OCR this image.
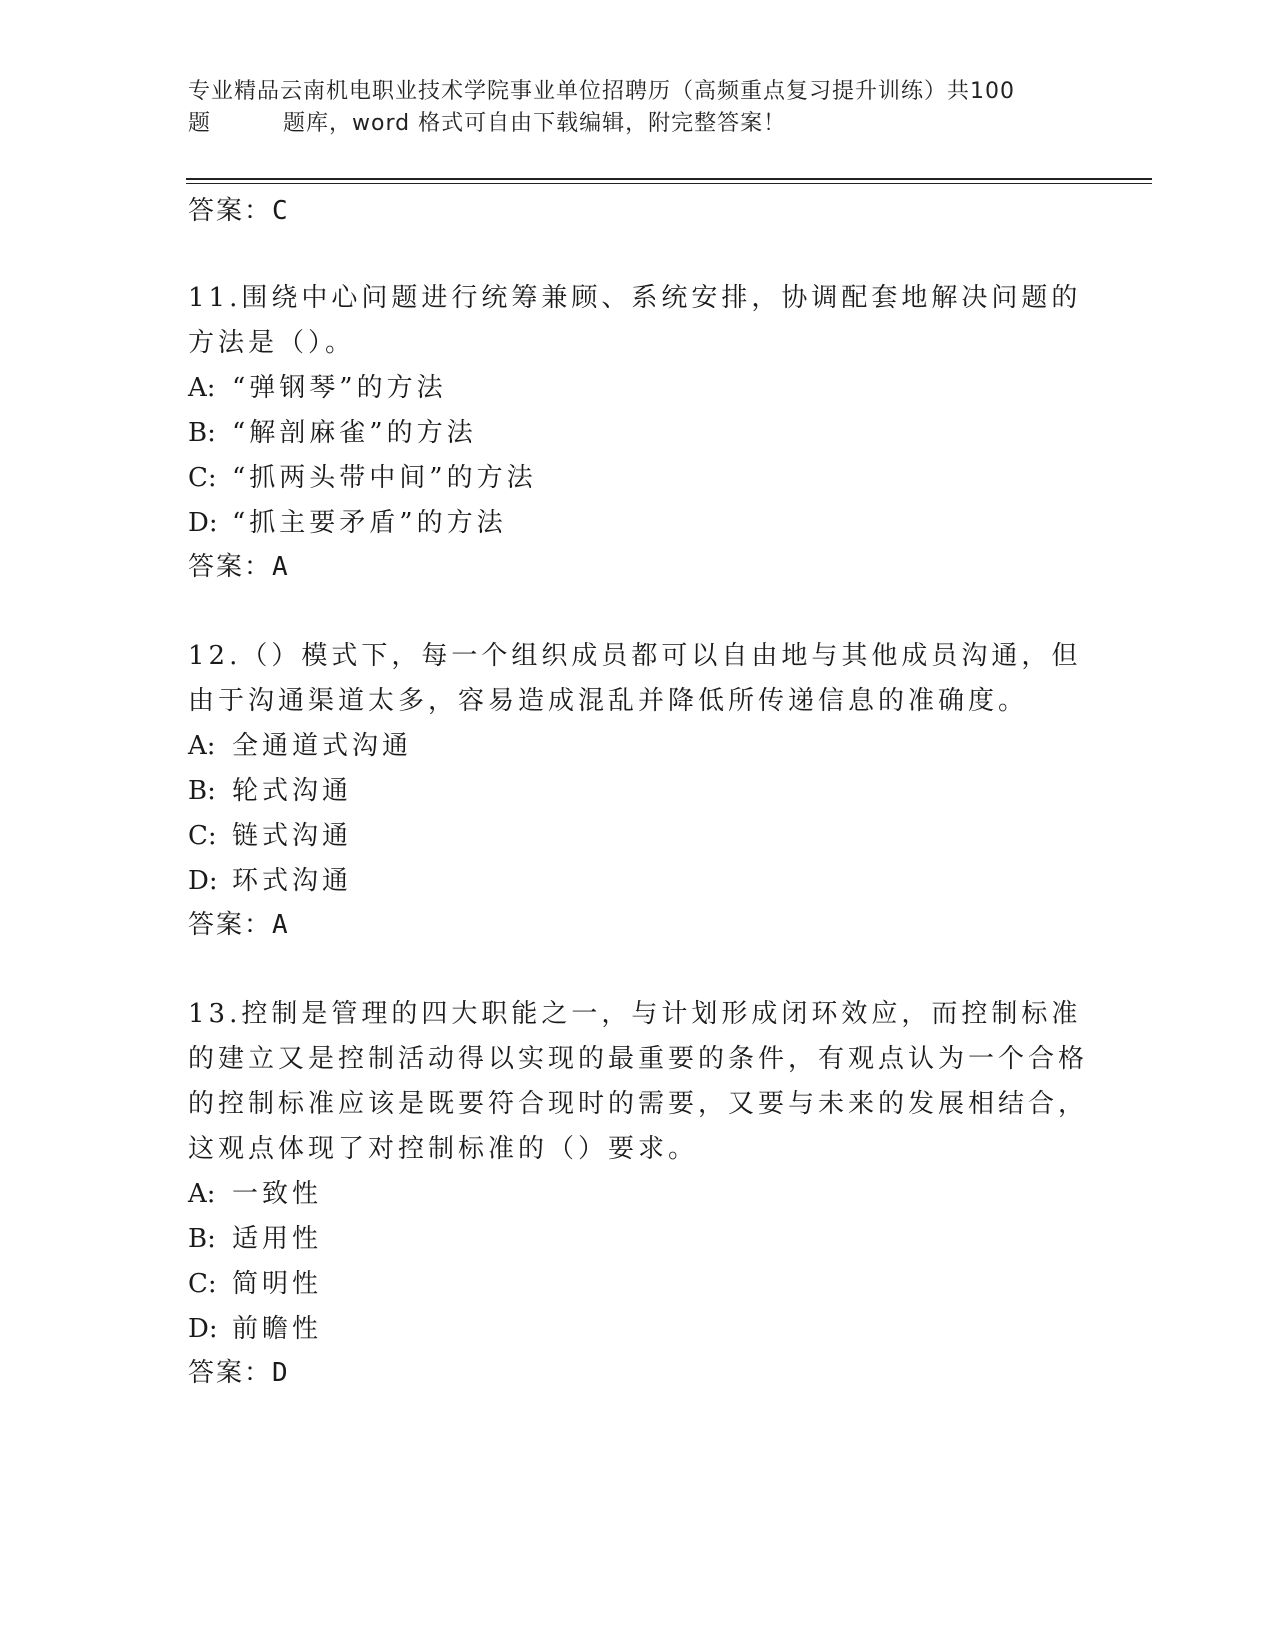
专业精品云南机电职业技术学院事业单位招聘历（高频重点复习提升训练）共100
题	题库，word 格式可自由下载编辑，附完整答案！

答案：C

11.围绕中心问题进行统筹兼顾、系统安排，协调配套地解决问题的方法是（）。

A: “弹钢琴”的方法

B: “解剖麻雀”的方法

C: “抓两头带中间”的方法

D: “抓主要矛盾”的方法

答案：A

12.（）模式下，每一个组织成员都可以自由地与其他成员沟通，但由于沟通渠道太多，容易造成混乱并降低所传递信息的准确度。

A: 全通道式沟通

B: 轮式沟通

C: 链式沟通

D: 环式沟通

答案：A

13.控制是管理的四大职能之一，与计划形成闭环效应，而控制标准的建立又是控制活动得以实现的最重要的条件，有观点认为一个合格的控制标准应该是既要符合现时的需要，又要与未来的发展相结合，这观点体现了对控制标准的（）要求。

A: 一致性

B: 适用性

C: 简明性

D: 前瞻性

答案：D
